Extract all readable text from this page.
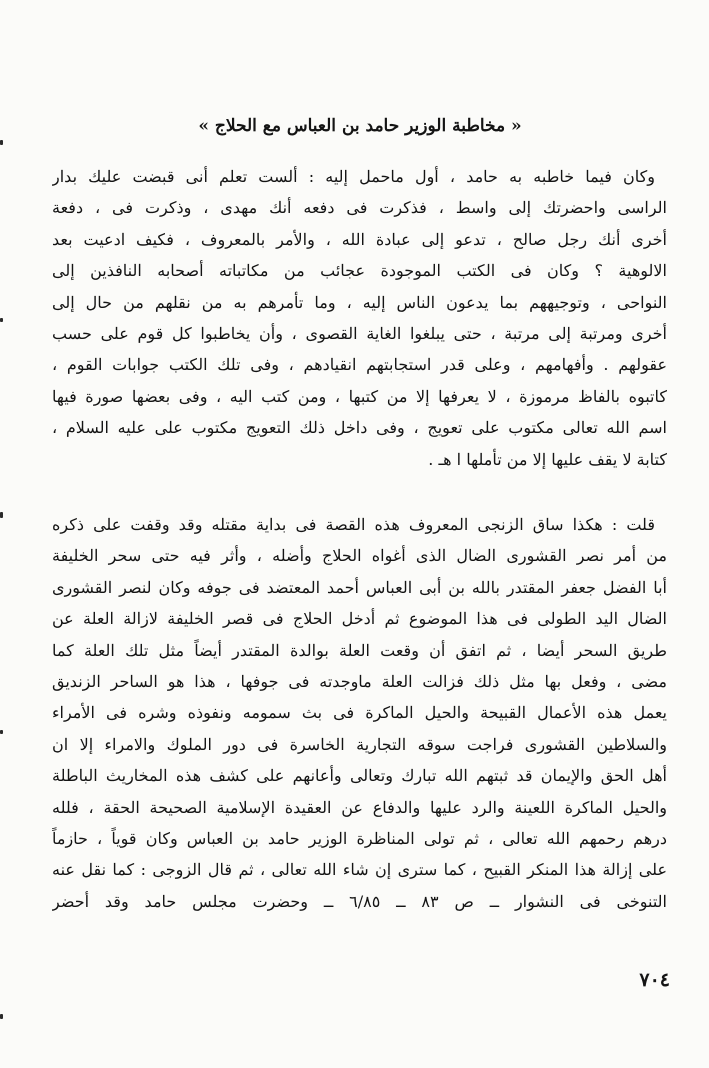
« مخاطبة الوزير حامد بن العباس مع الحلاج »
وكان فيما خاطبه به حامد ، أول ماحمل إليه : ألست تعلم أنى قبضت عليك بدار
الراسى واحضرتك إلى واسط ، فذكرت فى دفعه أنك مهدى ، وذكرت فى ، دفعة
أخرى أنك رجل صالح ، تدعو إلى عبادة الله ، والأمر بالمعروف ، فكيف ادعيت بعد
الالوهية ؟ وكان فى الكتب الموجودة عجائب من مكاتباته أصحابه النافذين إلى
النواحى ، وتوجيههم بما يدعون الناس إليه ، وما تأمرهم به من نقلهم من حال إلى
أخرى ومرتبة إلى مرتبة ، حتى يبلغوا الغاية القصوى ، وأن يخاطبوا كل قوم على حسب
عقولهم . وأفهامهم ، وعلى قدر استجابتهم انقيادهم ، وفى تلك الكتب جوابات القوم ،
كاتبوه بالفاظ مرموزة ، لا يعرفها إلا من كتبها ، ومن كتب اليه ، وفى بعضها صورة فيها
اسم الله تعالى مكتوب على تعويج ، وفى داخل ذلك التعويج مكتوب على عليه السلام ،
كتابة لا يقف عليها إلا من تأملها ا هـ .
قلت : هكذا ساق الزنجى المعروف هذه القصة فى بداية مقتله وقد وقفت على ذكره
من أمر نصر القشورى الضال الذى أغواه الحلاج وأضله ، وأثر فيه حتى سحر الخليفة
أبا الفضل جعفر المقتدر بالله بن أبى العباس أحمد المعتضد فى جوفه وكان لنصر القشورى
الضال اليد الطولى فى هذا الموضوع ثم أدخل الحلاج فى قصر الخليفة لازالة العلة عن
طريق السحر أيضا ، ثم اتفق أن وقعت العلة بوالدة المقتدر أيضاً مثل تلك العلة كما
مضى ، وفعل بها مثل ذلك فزالت العلة ماوجدته فى جوفها ، هذا هو الساحر الزنديق
يعمل هذه الأعمال القبيحة والحيل الماكرة فى بث سمومه ونفوذه وشره فى الأمراء
والسلاطين القشورى فراجت سوقه التجارية الخاسرة فى دور الملوك والامراء إلا ان
أهل الحق والإيمان قد ثبتهم الله تبارك وتعالى وأعانهم على كشف هذه المخاريث الباطلة
والحيل الماكرة اللعينة والرد عليها والدفاع عن العقيدة الإسلامية الصحيحة الحقة ، فلله
درهم رحمهم الله تعالى ، ثم تولى المناظرة الوزير حامد بن العباس وكان قوياً ، حازماً
على إزالة هذا المنكر القبيح ، كما سترى إن شاء الله تعالى ، ثم قال الزوجى : كما نقل عنه
التنوخى فى النشوار ــ ص ٨٣ ــ ٦/٨٥ ــ وحضرت مجلس حامد وقد أحضر
٧٠٤
